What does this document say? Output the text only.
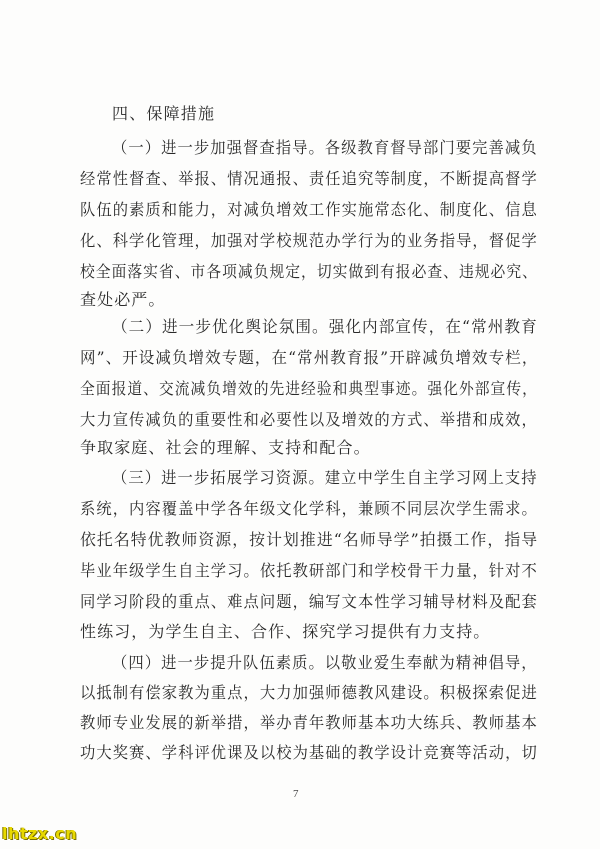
四、保障措施
（一）进一步加强督查指导。各级教育督导部门要完善减负
经常性督查、举报、情况通报、责任追究等制度，不断提高督学
队伍的素质和能力，对减负增效工作实施常态化、制度化、信息
化、科学化管理，加强对学校规范办学行为的业务指导，督促学
校全面落实省、市各项减负规定，切实做到有报必查、违规必究、
查处必严。
（二）进一步优化舆论氛围。强化内部宣传，在“常州教育
网”、开设减负增效专题，在“常州教育报”开辟减负增效专栏，
全面报道、交流减负增效的先进经验和典型事迹。强化外部宣传，
大力宣传减负的重要性和必要性以及增效的方式、举措和成效，
争取家庭、社会的理解、支持和配合。
（三）进一步拓展学习资源。建立中学生自主学习网上支持
系统，内容覆盖中学各年级文化学科，兼顾不同层次学生需求。
依托名特优教师资源，按计划推进“名师导学”拍摄工作，指导
毕业年级学生自主学习。依托教研部门和学校骨干力量，针对不
同学习阶段的重点、难点问题，编写文本性学习辅导材料及配套
性练习，为学生自主、合作、探究学习提供有力支持。
（四）进一步提升队伍素质。以敬业爱生奉献为精神倡导，
以抵制有偿家教为重点，大力加强师德教风建设。积极探索促进
教师专业发展的新举措，举办青年教师基本功大练兵、教师基本
功大奖赛、学科评优课及以校为基础的教学设计竞赛等活动，切
7
lhtzx.cn
